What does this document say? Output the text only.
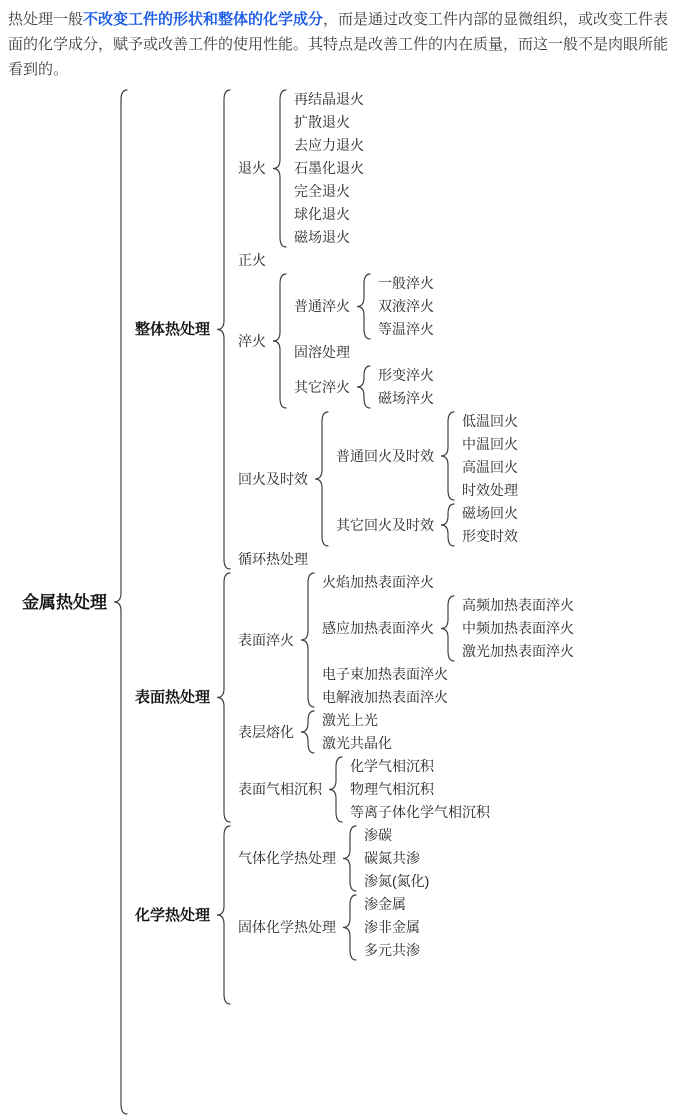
热处理一般不改变工件的形状和整体的化学成分，而是通过改变工件内部的显微组织，或改变工件表面的化学成分，赋予或改善工件的使用性能。其特点是改善工件的内在质量，而这一般不是肉眼所能看到的。

金属热处理
整体热处理
退火
再结晶退火
扩散退火
去应力退火
石墨化退火
完全退火
球化退火
磁场退火
正火
淬火
普通淬火
一般淬火
双液淬火
等温淬火
固溶处理
其它淬火
形变淬火
磁场淬火
回火及时效
普通回火及时效
低温回火
中温回火
高温回火
时效处理
其它回火及时效
磁场回火
形变时效
循环热处理
表面热处理
表面淬火
火焰加热表面淬火
感应加热表面淬火
高频加热表面淬火
中频加热表面淬火
激光加热表面淬火
电子束加热表面淬火
电解液加热表面淬火
表层熔化
激光上光
激光共晶化
表面气相沉积
化学气相沉积
物理气相沉积
等离子体化学气相沉积
化学热处理
气体化学热处理
渗碳
碳氮共渗
渗氮(氮化)
固体化学热处理
渗金属
渗非金属
多元共渗
